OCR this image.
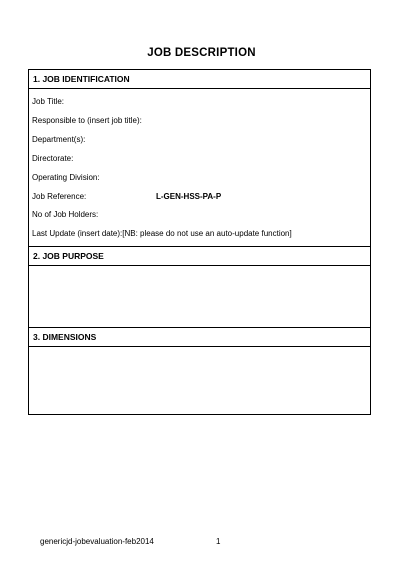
JOB DESCRIPTION
1. JOB IDENTIFICATION
Job Title:
Responsible to (insert job title):
Department(s):
Directorate:
Operating Division:
Job Reference:	L-GEN-HSS-PA-P
No of Job Holders:
Last Update (insert date):[NB: please do not use an auto-update function]
2. JOB PURPOSE
3. DIMENSIONS
genericjd-jobevaluation-feb2014	1
